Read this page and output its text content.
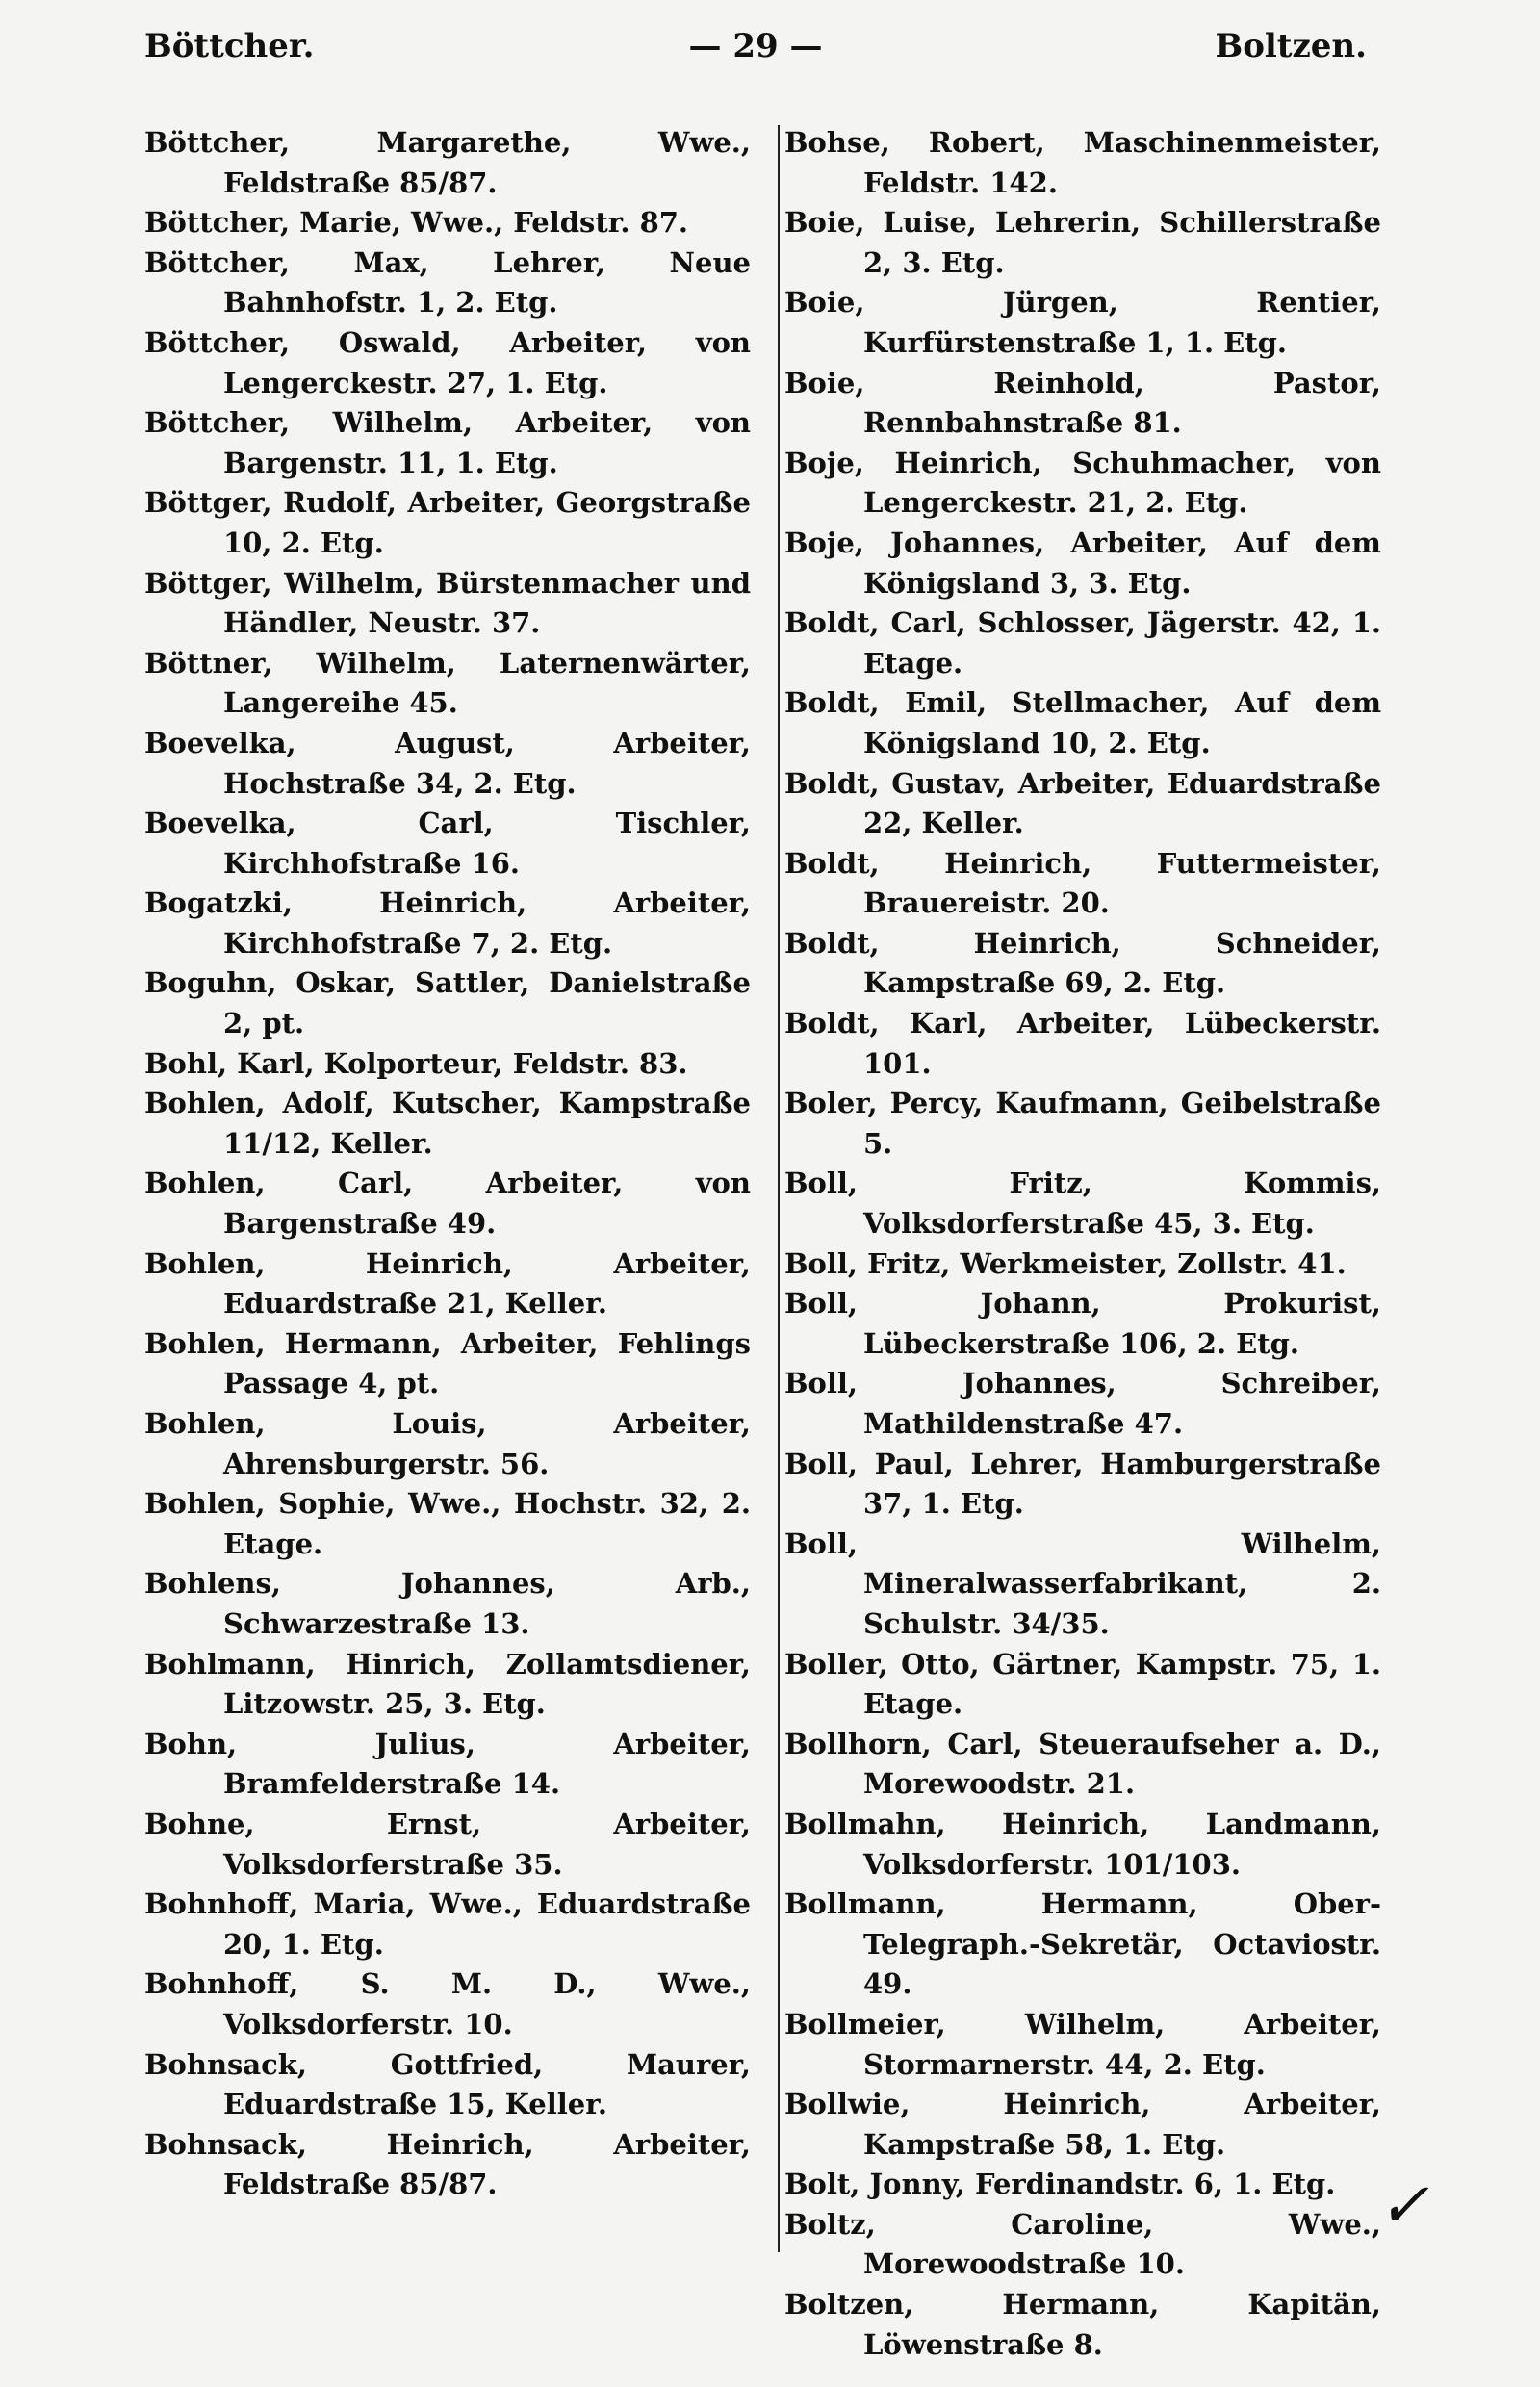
Böttcher.	— 29 —	Boltzen.

Böttcher, Margarethe, Wwe., Feldstraße 85/87.

Böttcher, Marie, Wwe., Feldstr. 87.

Böttcher, Max, Lehrer, Neue Bahnhofstr. 1, 2. Etg.

Böttcher, Oswald, Arbeiter, von Lengerckestr. 27, 1. Etg.

Böttcher, Wilhelm, Arbeiter, von Bargenstr. 11, 1. Etg.

Böttger, Rudolf, Arbeiter, Georgstraße 10, 2. Etg.

Böttger, Wilhelm, Bürstenmacher und Händler, Neustr. 37.

Böttner, Wilhelm, Laternenwärter, Langereihe 45.

Boevelka, August, Arbeiter, Hochstraße 34, 2. Etg.

Boevelka, Carl, Tischler, Kirchhofstraße 16.

Bogatzki, Heinrich, Arbeiter, Kirchhofstraße 7, 2. Etg.

Boguhn, Oskar, Sattler, Danielstraße 2, pt.

Bohl, Karl, Kolporteur, Feldstr. 83.

Bohlen, Adolf, Kutscher, Kampstraße 11/12, Keller.

Bohlen, Carl, Arbeiter, von Bargenstraße 49.

Bohlen, Heinrich, Arbeiter, Eduardstraße 21, Keller.

Bohlen, Hermann, Arbeiter, Fehlings Passage 4, pt.

Bohlen, Louis, Arbeiter, Ahrensburgerstr. 56.

Bohlen, Sophie, Wwe., Hochstr. 32, 2. Etage.

Bohlens, Johannes, Arb., Schwarzestraße 13.

Bohlmann, Hinrich, Zollamtsdiener, Litzowstr. 25, 3. Etg.

Bohn, Julius, Arbeiter, Bramfelderstraße 14.

Bohne, Ernst, Arbeiter, Volksdorferstraße 35.

Bohnhoff, Maria, Wwe., Eduardstraße 20, 1. Etg.

Bohnhoff, S. M. D., Wwe., Volksdorferstr. 10.

Bohnsack, Gottfried, Maurer, Eduardstraße 15, Keller.

Bohnsack, Heinrich, Arbeiter, Feldstraße 85/87.

Bohse, Robert, Maschinenmeister, Feldstr. 142.

Boie, Luise, Lehrerin, Schillerstraße 2, 3. Etg.

Boie, Jürgen, Rentier, Kurfürstenstraße 1, 1. Etg.

Boie, Reinhold, Pastor, Rennbahnstraße 81.

Boje, Heinrich, Schuhmacher, von Lengerckestr. 21, 2. Etg.

Boje, Johannes, Arbeiter, Auf dem Königsland 3, 3. Etg.

Boldt, Carl, Schlosser, Jägerstr. 42, 1. Etage.

Boldt, Emil, Stellmacher, Auf dem Königsland 10, 2. Etg.

Boldt, Gustav, Arbeiter, Eduardstraße 22, Keller.

Boldt, Heinrich, Futtermeister, Brauereistr. 20.

Boldt, Heinrich, Schneider, Kampstraße 69, 2. Etg.

Boldt, Karl, Arbeiter, Lübeckerstr. 101.

Boler, Percy, Kaufmann, Geibelstraße 5.

Boll, Fritz, Kommis, Volksdorferstraße 45, 3. Etg.

Boll, Fritz, Werkmeister, Zollstr. 41.

Boll, Johann, Prokurist, Lübeckerstraße 106, 2. Etg.

Boll, Johannes, Schreiber, Mathildenstraße 47.

Boll, Paul, Lehrer, Hamburgerstraße 37, 1. Etg.

Boll, Wilhelm, Mineralwasserfabrikant, 2. Schulstr. 34/35.

Boller, Otto, Gärtner, Kampstr. 75, 1. Etage.

Bollhorn, Carl, Steueraufseher a. D., Morewoodstr. 21.

Bollmahn, Heinrich, Landmann, Volksdorferstr. 101/103.

Bollmann, Hermann, Ober-Telegraph.-Sekretär, Octaviostr. 49.

Bollmeier, Wilhelm, Arbeiter, Stormarnerstr. 44, 2. Etg.

Bollwie, Heinrich, Arbeiter, Kampstraße 58, 1. Etg.

Bolt, Jonny, Ferdinandstr. 6, 1. Etg.

Boltz, Caroline, Wwe., Morewoodstraße 10.

Boltzen, Hermann, Kapitän, Löwenstraße 8.

✓
